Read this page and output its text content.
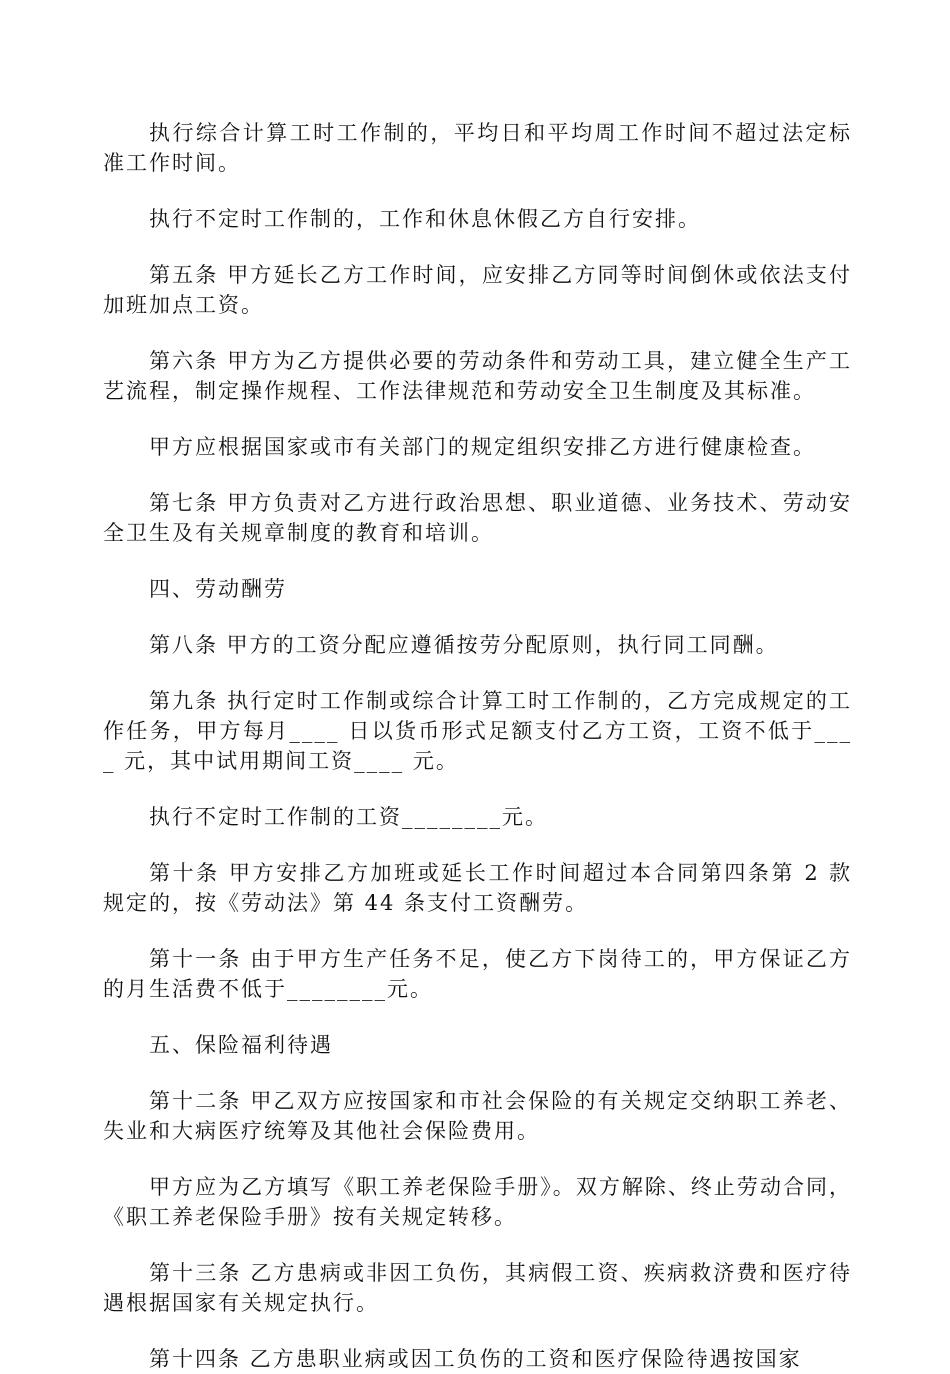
执行综合计算工时工作制的，平均日和平均周工作时间不超过法定标准工作时间。

执行不定时工作制的，工作和休息休假乙方自行安排。

第五条 甲方延长乙方工作时间，应安排乙方同等时间倒休或依法支付加班加点工资。

第六条 甲方为乙方提供必要的劳动条件和劳动工具，建立健全生产工艺流程，制定操作规程、工作法律规范和劳动安全卫生制度及其标准。

甲方应根据国家或市有关部门的规定组织安排乙方进行健康检查。

第七条 甲方负责对乙方进行政治思想、职业道德、业务技术、劳动安全卫生及有关规章制度的教育和培训。

四、劳动酬劳

第八条 甲方的工资分配应遵循按劳分配原则，执行同工同酬。

第九条 执行定时工作制或综合计算工时工作制的，乙方完成规定的工作任务，甲方每月____ 日以货币形式足额支付乙方工资，工资不低于____ 元，其中试用期间工资____ 元。

执行不定时工作制的工资________元。

第十条 甲方安排乙方加班或延长工作时间超过本合同第四条第 2 款规定的，按《劳动法》第 44 条支付工资酬劳。

第十一条 由于甲方生产任务不足，使乙方下岗待工的，甲方保证乙方的月生活费不低于________元。

五、保险福利待遇

第十二条 甲乙双方应按国家和市社会保险的有关规定交纳职工养老、失业和大病医疗统筹及其他社会保险费用。

甲方应为乙方填写《职工养老保险手册》。双方解除、终止劳动合同，《职工养老保险手册》按有关规定转移。

第十三条 乙方患病或非因工负伤，其病假工资、疾病救济费和医疗待遇根据国家有关规定执行。

第十四条 乙方患职业病或因工负伤的工资和医疗保险待遇按国家
